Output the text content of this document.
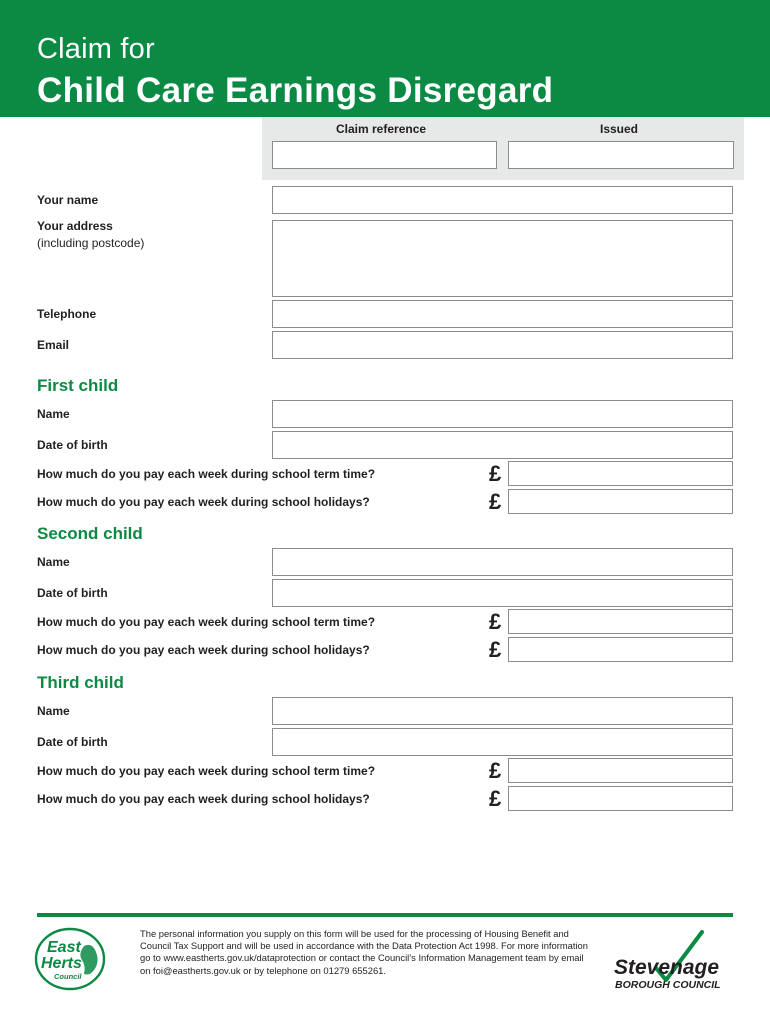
Claim for
Child Care Earnings Disregard
Claim reference	Issued
Your name
Your address
(including postcode)
Telephone
Email
First child
Name
Date of birth
How much do you pay each week during school term time?	£
How much do you pay each week during school holidays?	£
Second child
Name
Date of birth
How much do you pay each week during school term time?	£
How much do you pay each week during school holidays?	£
Third child
Name
Date of birth
How much do you pay each week during school term time?	£
How much do you pay each week during school holidays?	£
East
Herts
Council
The personal information you supply on this form will be used for the processing of Housing Benefit and Council Tax Support and will be used in accordance with the Data Protection Act 1998. For more information go to www.eastherts.gov.uk/dataprotection or contact the Council’s Information Management team by email on foi@eastherts.gov.uk or by telephone on 01279 655261.	Stevenage
BOROUGH COUNCIL
